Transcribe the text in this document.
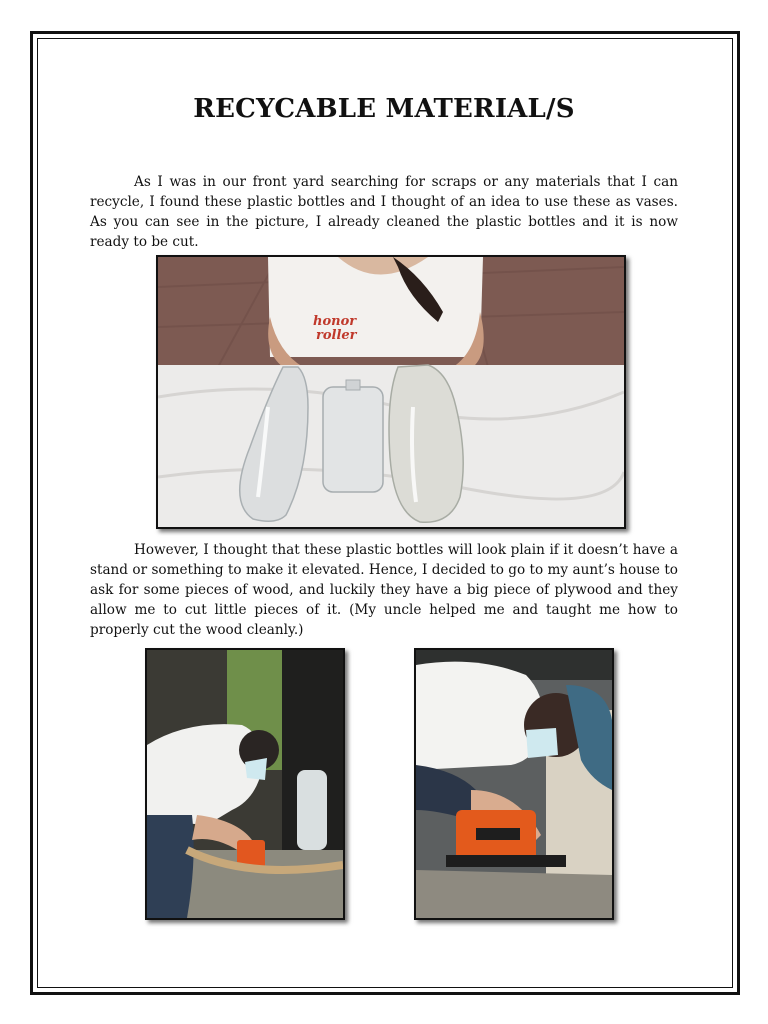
RECYCABLE MATERIAL/S

As I was in our front yard searching for scraps or any materials that I can recycle, I found these plastic bottles and I thought of an idea to use these as vases. As you can see in the picture, I already cleaned the plastic bottles and it is now ready to be cut.

honor
roller

However, I thought that these plastic bottles will look plain if it doesn’t have a stand or something to make it elevated. Hence, I decided to go to my aunt’s house to ask for some pieces of wood, and luckily they have a big piece of plywood and they allow me to cut little pieces of it. (My uncle helped me and taught me how to properly cut the wood cleanly.)
